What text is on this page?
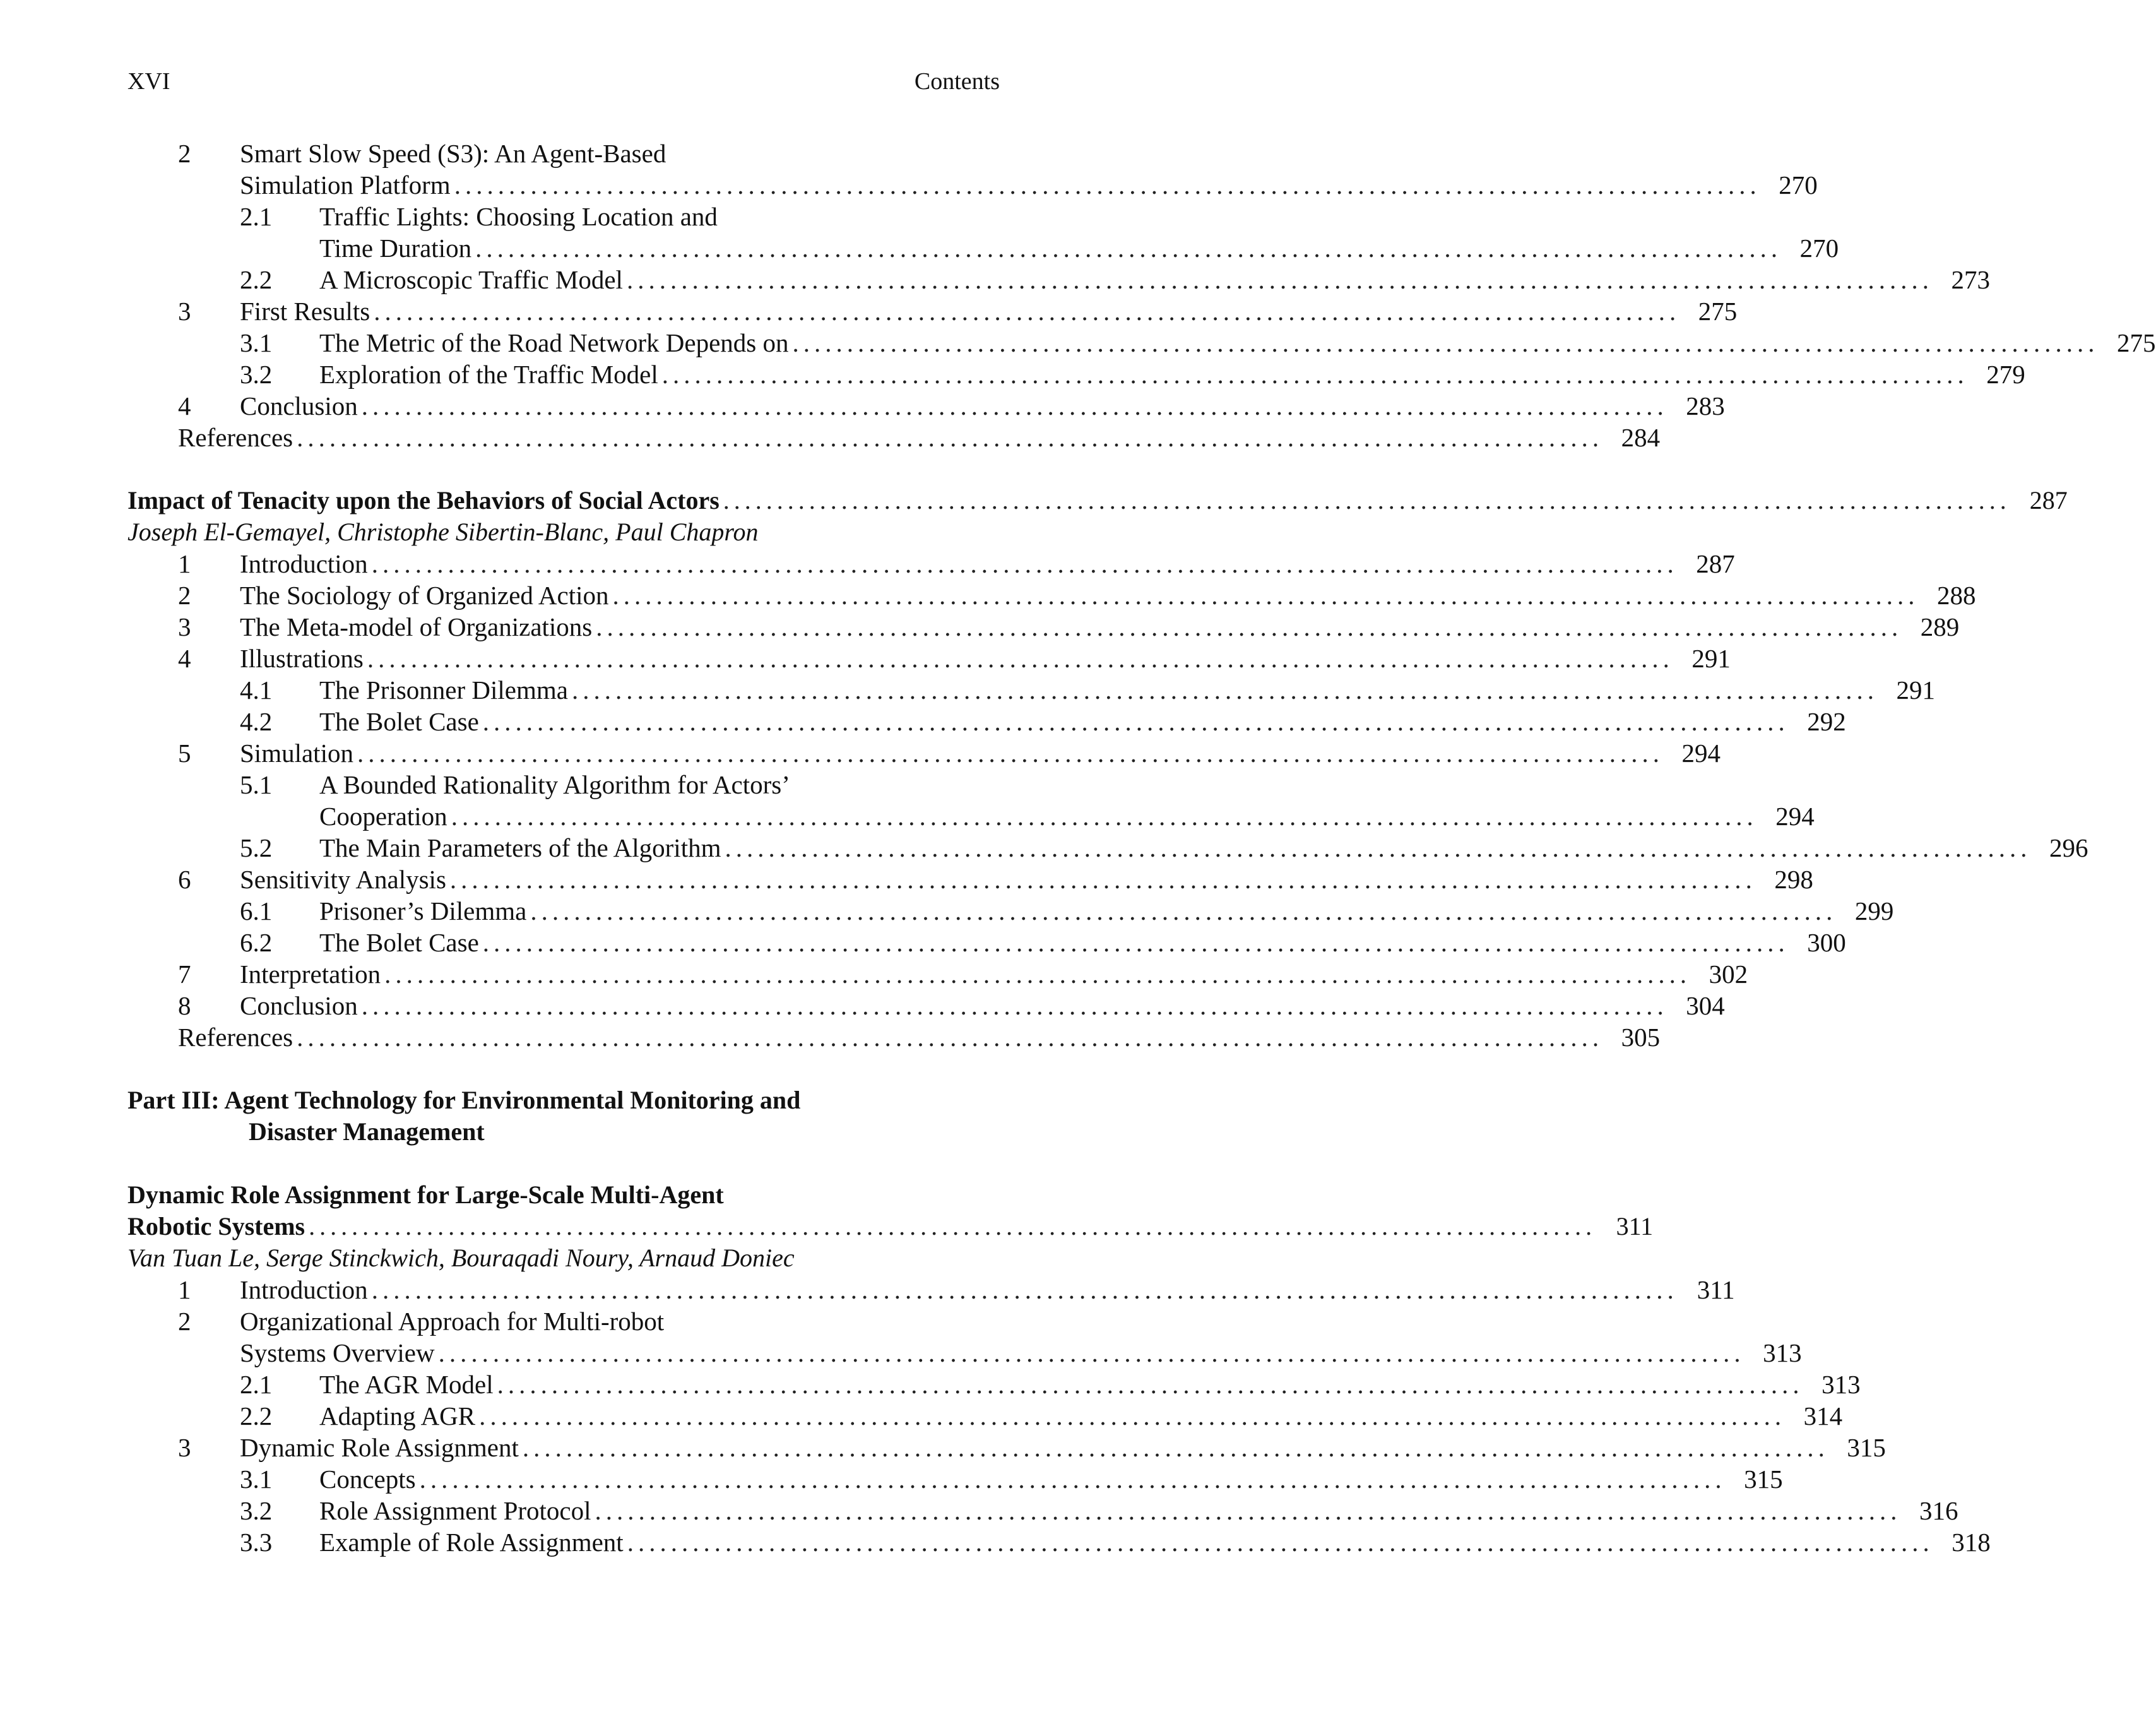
XVI	Contents
2 Smart Slow Speed (S3): An Agent-Based
Simulation Platform ........................................................................................................................ 270
2.1 Traffic Lights: Choosing Location and
Time Duration ........................................................................................................................ 270
2.2 A Microscopic Traffic Model ........................................................................................................................ 273
3 First Results ........................................................................................................................ 275
3.1 The Metric of the Road Network Depends on ........................................................................................................................ 275
3.2 Exploration of the Traffic Model ........................................................................................................................ 279
4 Conclusion ........................................................................................................................ 283
References ........................................................................................................................ 284
Impact of Tenacity upon the Behaviors of Social Actors ........................................................................................................................ 287
Joseph El-Gemayel, Christophe Sibertin-Blanc, Paul Chapron
1 Introduction ........................................................................................................................ 287
2 The Sociology of Organized Action ........................................................................................................................ 288
3 The Meta-model of Organizations ........................................................................................................................ 289
4 Illustrations ........................................................................................................................ 291
4.1 The Prisonner Dilemma ........................................................................................................................ 291
4.2 The Bolet Case ........................................................................................................................ 292
5 Simulation ........................................................................................................................ 294
5.1 A Bounded Rationality Algorithm for Actors’
Cooperation ........................................................................................................................ 294
5.2 The Main Parameters of the Algorithm ........................................................................................................................ 296
6 Sensitivity Analysis ........................................................................................................................ 298
6.1 Prisoner’s Dilemma ........................................................................................................................ 299
6.2 The Bolet Case ........................................................................................................................ 300
7 Interpretation ........................................................................................................................ 302
8 Conclusion ........................................................................................................................ 304
References ........................................................................................................................ 305
Part III: Agent Technology for Environmental Monitoring and
Disaster Management
Dynamic Role Assignment for Large-Scale Multi-Agent
Robotic Systems ........................................................................................................................ 311
Van Tuan Le, Serge Stinckwich, Bouraqadi Noury, Arnaud Doniec
1 Introduction ........................................................................................................................ 311
2 Organizational Approach for Multi-robot
Systems Overview ........................................................................................................................ 313
2.1 The AGR Model ........................................................................................................................ 313
2.2 Adapting AGR ........................................................................................................................ 314
3 Dynamic Role Assignment ........................................................................................................................ 315
3.1 Concepts ........................................................................................................................ 315
3.2 Role Assignment Protocol ........................................................................................................................ 316
3.3 Example of Role Assignment ........................................................................................................................ 318
